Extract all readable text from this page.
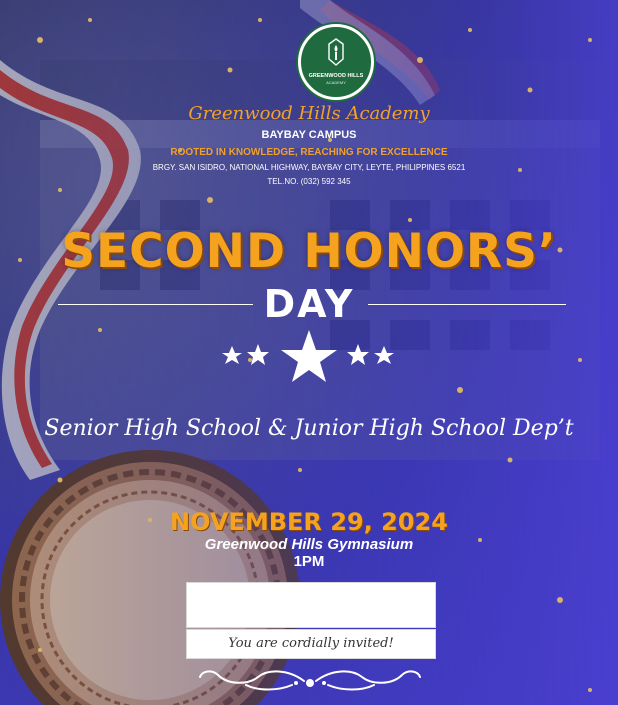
GREENWOOD HILLS
ACADEMY
Greenwood Hills Academy
BAYBAY CAMPUS
ROOTED IN KNOWLEDGE, REACHING FOR EXCELLENCE
BRGY. SAN ISIDRO, NATIONAL HIGHWAY, BAYBAY CITY, LEYTE, PHILIPPINES 6521
TEL.NO. (032) 592 345
SECOND HONORS’
DAY
Senior High School & Junior High School Dep’t
NOVEMBER 29, 2024
Greenwood Hills Gymnasium
1PM
You are cordially invited!
